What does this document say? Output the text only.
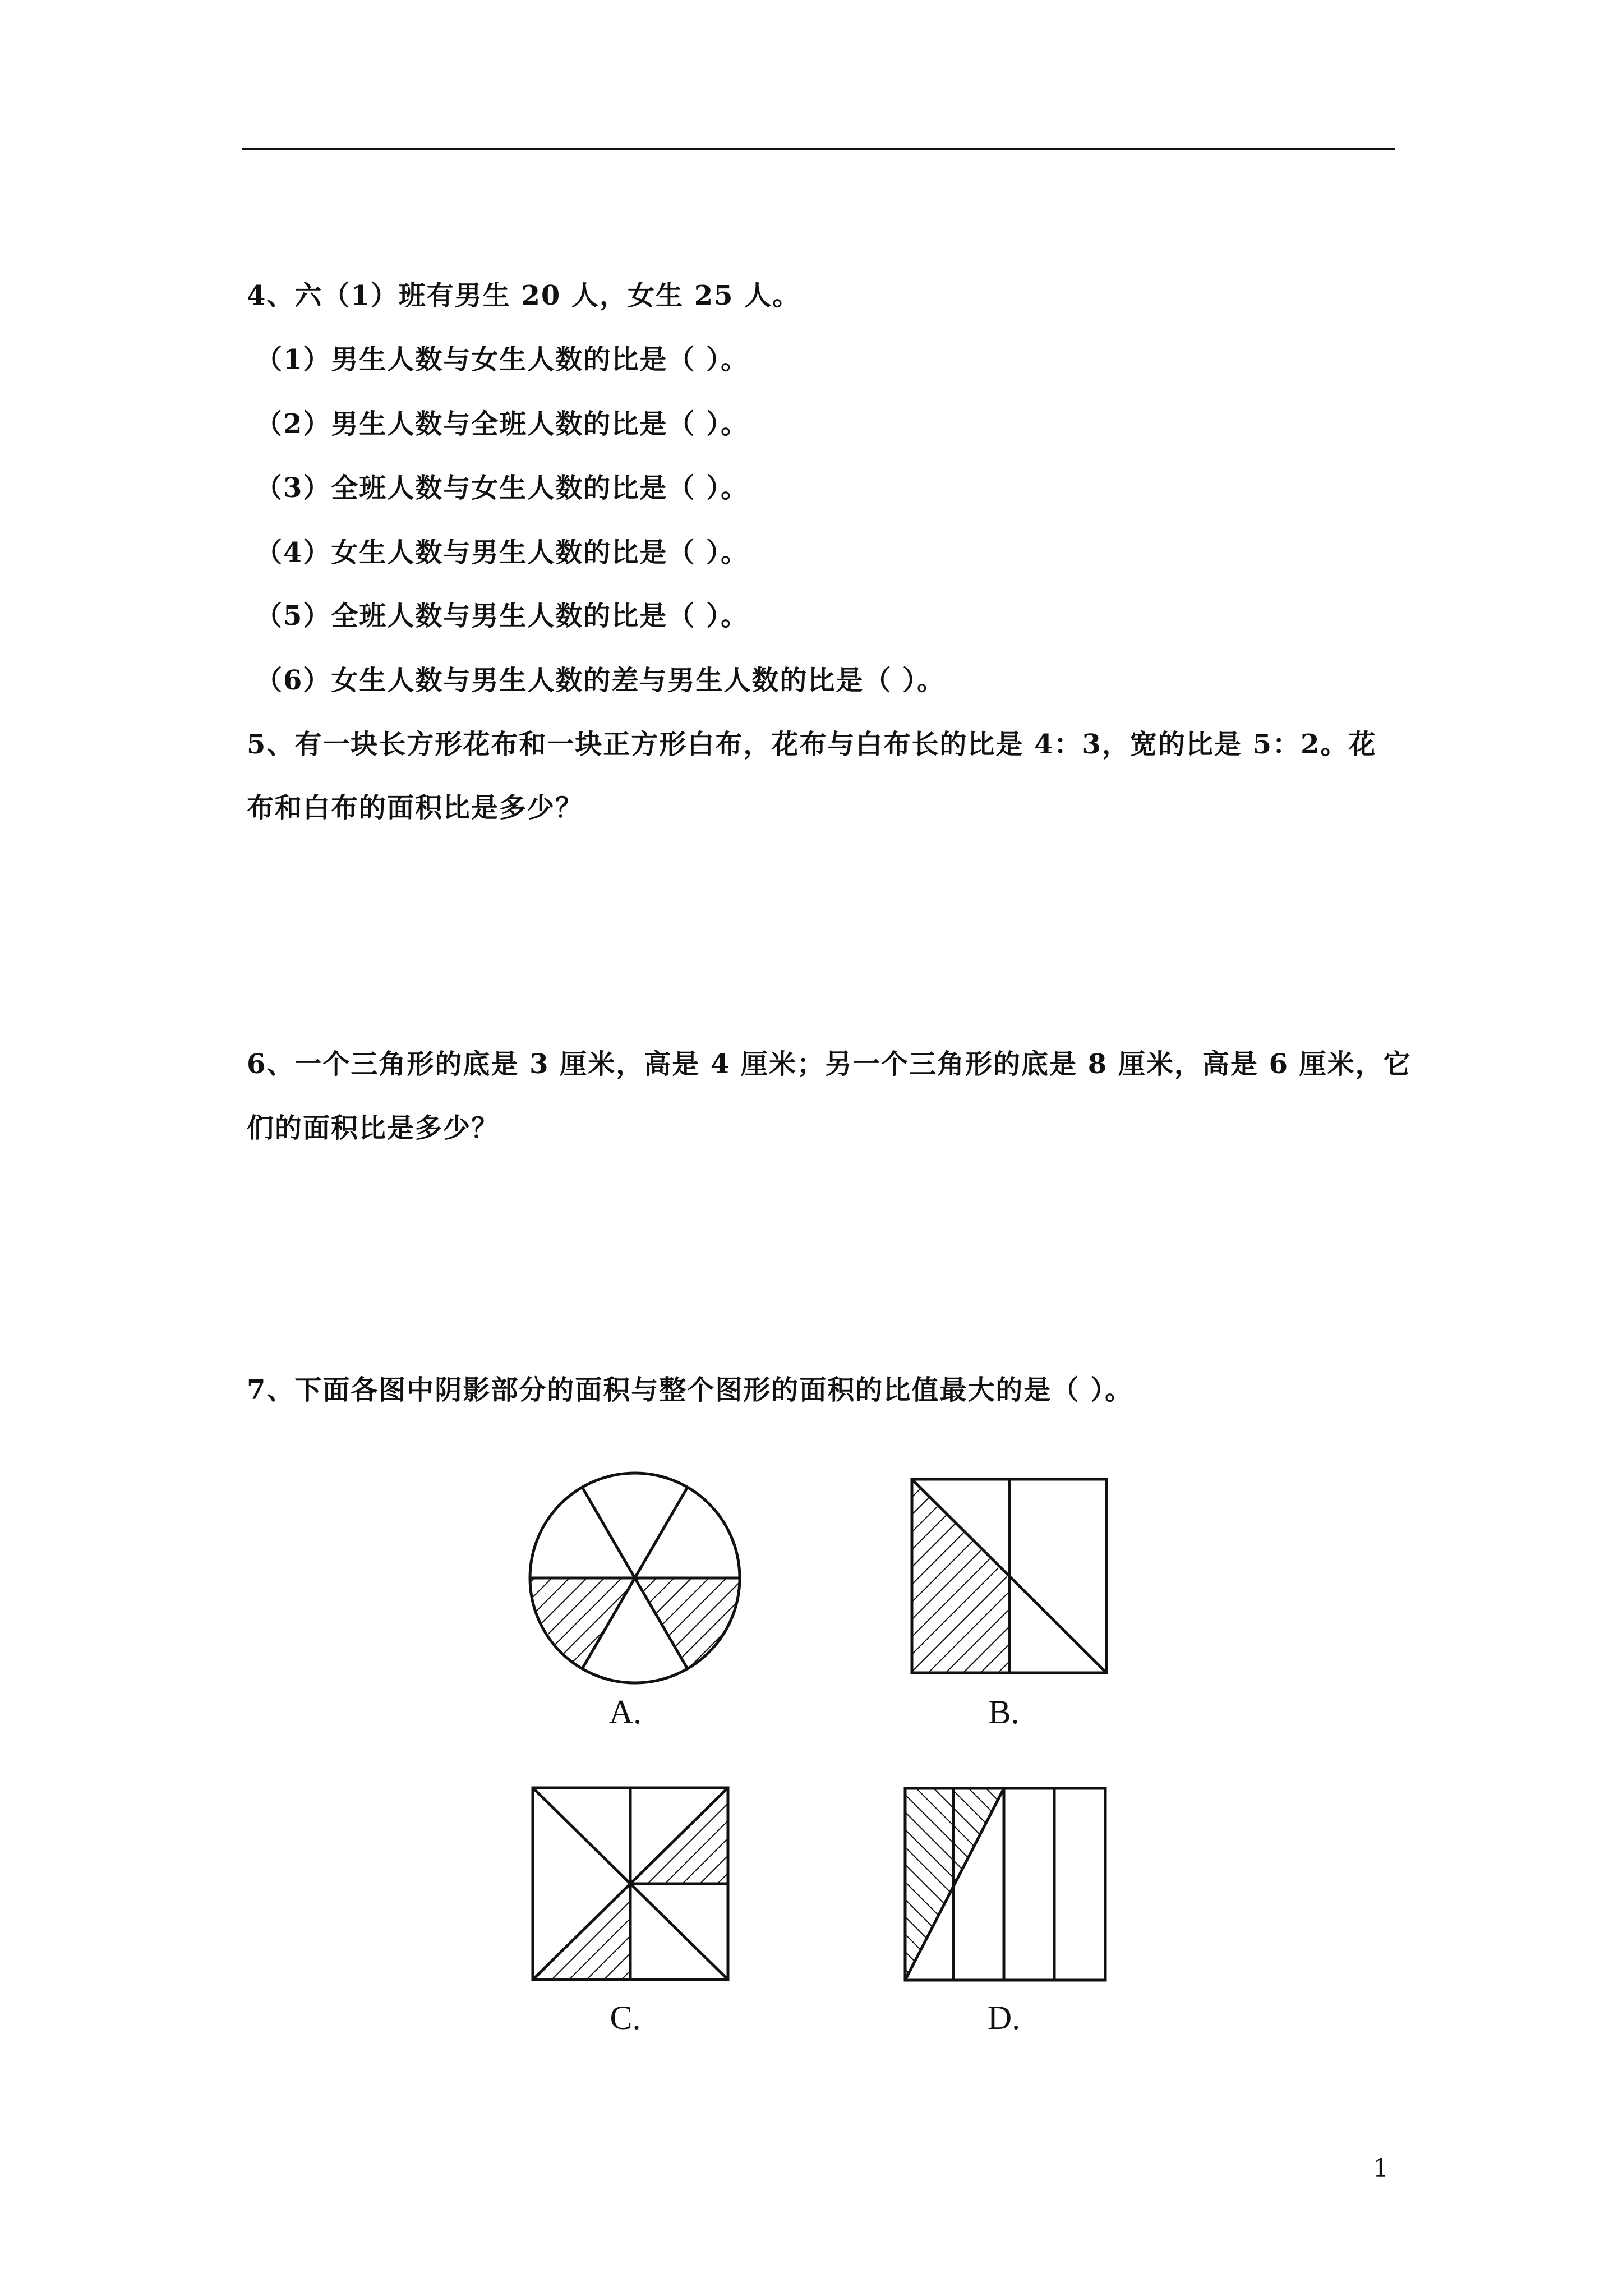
4、六（1）班有男生 20 人，女生 25 人。
（1）男生人数与女生人数的比是（ ）。
（2）男生人数与全班人数的比是（ ）。
（3）全班人数与女生人数的比是（ ）。
（4）女生人数与男生人数的比是（ ）。
（5）全班人数与男生人数的比是（ ）。
（6）女生人数与男生人数的差与男生人数的比是（ ）。
5、有一块长方形花布和一块正方形白布，花布与白布长的比是 4：3，宽的比是 5：2。花
布和白布的面积比是多少？
6、一个三角形的底是 3 厘米，高是 4 厘米；另一个三角形的底是 8 厘米，高是 6 厘米，它
们的面积比是多少？
7、下面各图中阴影部分的面积与整个图形的面积的比值最大的是（ ）。
A.	B.
C.	D.
1
